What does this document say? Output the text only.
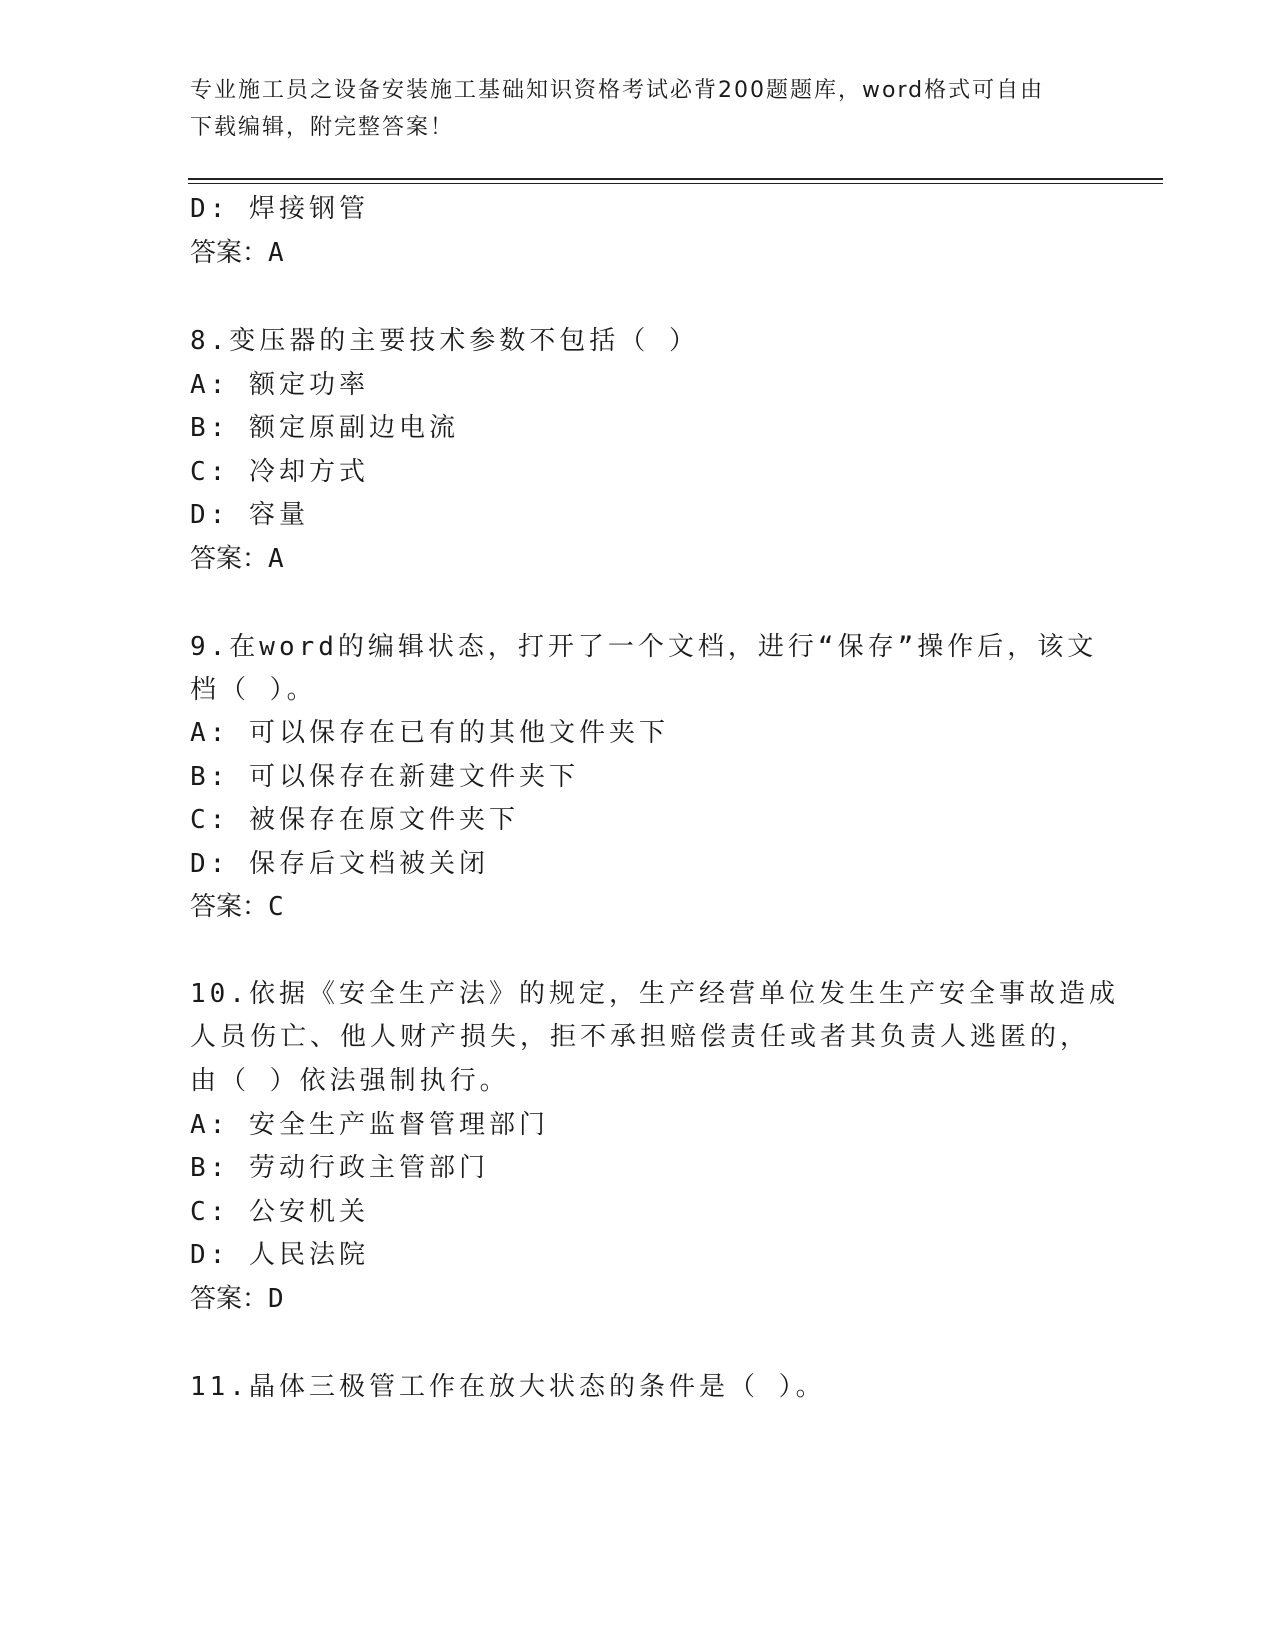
专业施工员之设备安装施工基础知识资格考试必背200题题库，word格式可自由
下载编辑，附完整答案！
D: 焊接钢管
答案：A
8.变压器的主要技术参数不包括（ ）
A: 额定功率
B: 额定原副边电流
C: 冷却方式
D: 容量
答案：A
9.在word的编辑状态，打开了一个文档，进行“保存”操作后，该文
档（ ）。
A: 可以保存在已有的其他文件夹下
B: 可以保存在新建文件夹下
C: 被保存在原文件夹下
D: 保存后文档被关闭
答案：C
10.依据《安全生产法》的规定，生产经营单位发生生产安全事故造成
人员伤亡、他人财产损失，拒不承担赔偿责任或者其负责人逃匿的，
由（ ）依法强制执行。
A: 安全生产监督管理部门
B: 劳动行政主管部门
C: 公安机关
D: 人民法院
答案：D
11.晶体三极管工作在放大状态的条件是（ ）。
